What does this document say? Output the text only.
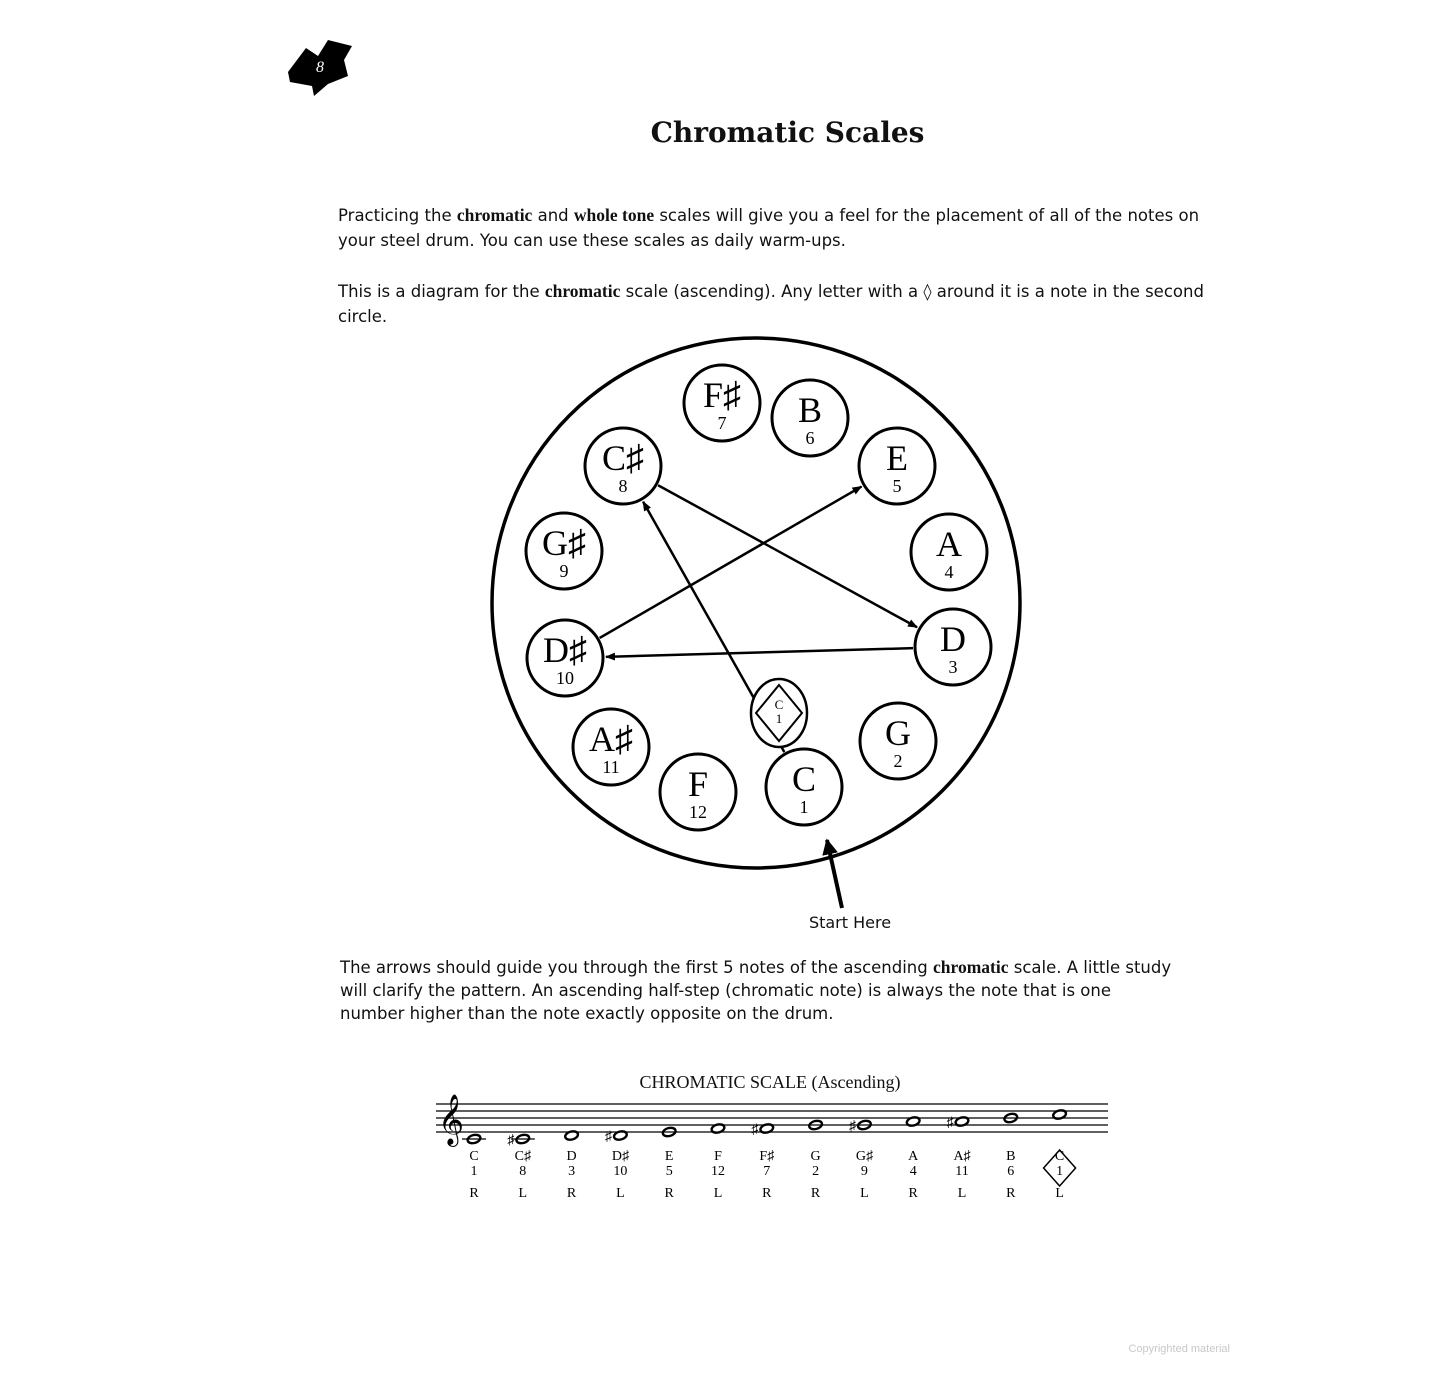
8
Chromatic Scales
Practicing the chromatic and whole tone scales will give you a feel for the placement of all of the notes on your steel drum. You can use these scales as daily warm-ups.
This is a diagram for the chromatic scale (ascending). Any letter with a ◊ around it is a note in the second circle.
C
1
G
2
D
3
A
4
E
5
B
6
F♯
7
C♯
8
G♯
9
D♯
10
A♯
11 F
12
C
1
Start Here
The arrows should guide you through the first 5 notes of the ascending chromatic scale. A little study will clarify the pattern. An ascending half-step (chromatic note) is always the note that is one number higher than the note exactly opposite on the drum.
CHROMATIC SCALE (Ascending)
𝄞
C
1
R
♯
C♯
8
L
D
3
R
♯
D♯
10
L
E
5
R
F
12
L
♯
F♯
7
R
G
2
R
♯
G♯
9
L
A
4
R
♯
A♯
11
L
B
6
R
C
1
L
Copyrighted material
